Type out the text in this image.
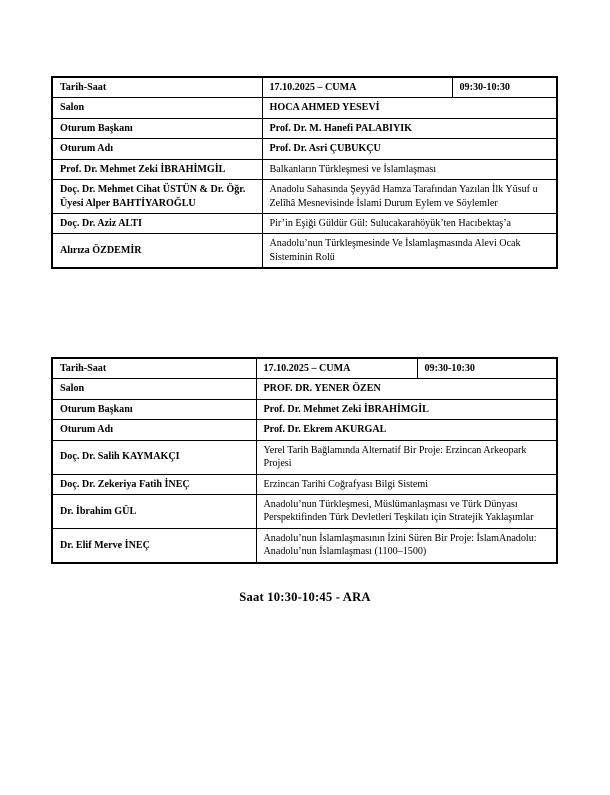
Tarih-Saat	17.10.2025 – CUMA	09:30-10:30
Salon	HOCA AHMED YESEVİ	
Oturum Başkanı	Prof. Dr. M. Hanefi PALABIYIK	
Oturum Adı	Prof. Dr. Asri ÇUBUKÇU	
Prof. Dr. Mehmet Zeki İBRAHİMGİL	Balkanların Türkleşmesi ve İslamlaşması	
Doç. Dr. Mehmet Cihat ÜSTÜN & Dr. Öğr. Üyesi Alper BAHTİYAROĞLU	Anadolu Sahasında Şeyyâd Hamza Tarafından Yazılan İlk Yûsuf u Zelîhâ Mesnevisinde İslami Durum Eylem ve Söylemler	
Doç. Dr. Aziz ALTI	Pir’in Eşiği Güldür Gül: Sulucakarahöyük’ten Hacıbektaş’a	
Alırıza ÖZDEMİR	Anadolu’nun Türkleşmesinde Ve İslamlaşmasında Alevi Ocak Sisteminin Rolü	
Tarih-Saat	17.10.2025 – CUMA	09:30-10:30
Salon	PROF. DR. YENER ÖZEN	
Oturum Başkanı	Prof. Dr. Mehmet Zeki İBRAHİMGİL	
Oturum Adı	Prof. Dr. Ekrem AKURGAL	
Doç. Dr. Salih KAYMAKÇI	Yerel Tarih Bağlamında Alternatif Bir Proje: Erzincan Arkeopark Projesi	
Doç. Dr. Zekeriya Fatih İNEÇ	Erzincan Tarihi Coğrafyası Bilgi Sistemi	
Dr. İbrahim GÜL	Anadolu’nun Türkleşmesi, Müslümanlaşması ve Türk Dünyası Perspektifinden Türk Devletleri Teşkilatı için Stratejik Yaklaşımlar	
Dr. Elif Merve İNEÇ	Anadolu’nun İslamlaşmasının İzini Süren Bir Proje: İslamAnadolu: Anadolu’nun İslamlaşması (1100–1500)	
Saat 10:30-10:45 - ARA
